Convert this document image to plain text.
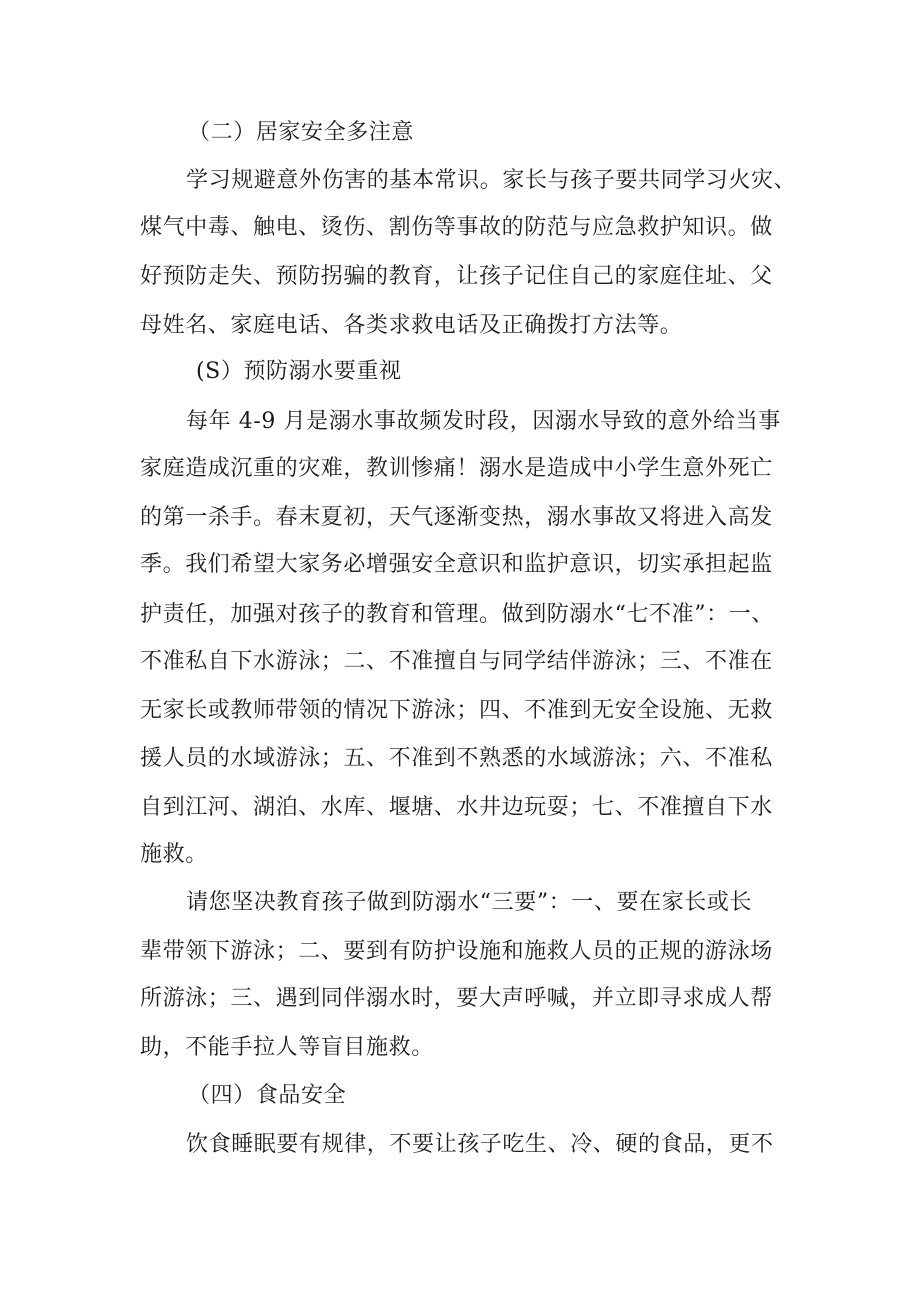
（二）居家安全多注意
学习规避意外伤害的基本常识。家长与孩子要共同学习火灾、
煤气中毒、触电、烫伤、割伤等事故的防范与应急救护知识。做
好预防走失、预防拐骗的教育，让孩子记住自己的家庭住址、父
母姓名、家庭电话、各类求救电话及正确拨打方法等。
(S）预防溺水要重视
每年 4-9 月是溺水事故频发时段，因溺水导致的意外给当事
家庭造成沉重的灾难，教训惨痛！溺水是造成中小学生意外死亡
的第一杀手。春末夏初，天气逐渐变热，溺水事故又将进入高发
季。我们希望大家务必增强安全意识和监护意识，切实承担起监
护责任，加强对孩子的教育和管理。做到防溺水“七不准”：一、
不准私自下水游泳；二、不准擅自与同学结伴游泳；三、不准在
无家长或教师带领的情况下游泳；四、不准到无安全设施、无救
援人员的水域游泳；五、不准到不熟悉的水域游泳；六、不准私
自到江河、湖泊、水库、堰塘、水井边玩耍；七、不准擅自下水
施救。
请您坚决教育孩子做到防溺水“三要”：一、要在家长或长
辈带领下游泳；二、要到有防护设施和施救人员的正规的游泳场
所游泳；三、遇到同伴溺水时，要大声呼喊，并立即寻求成人帮
助，不能手拉人等盲目施救。
（四）食品安全
饮食睡眠要有规律，不要让孩子吃生、冷、硬的食品，更不
